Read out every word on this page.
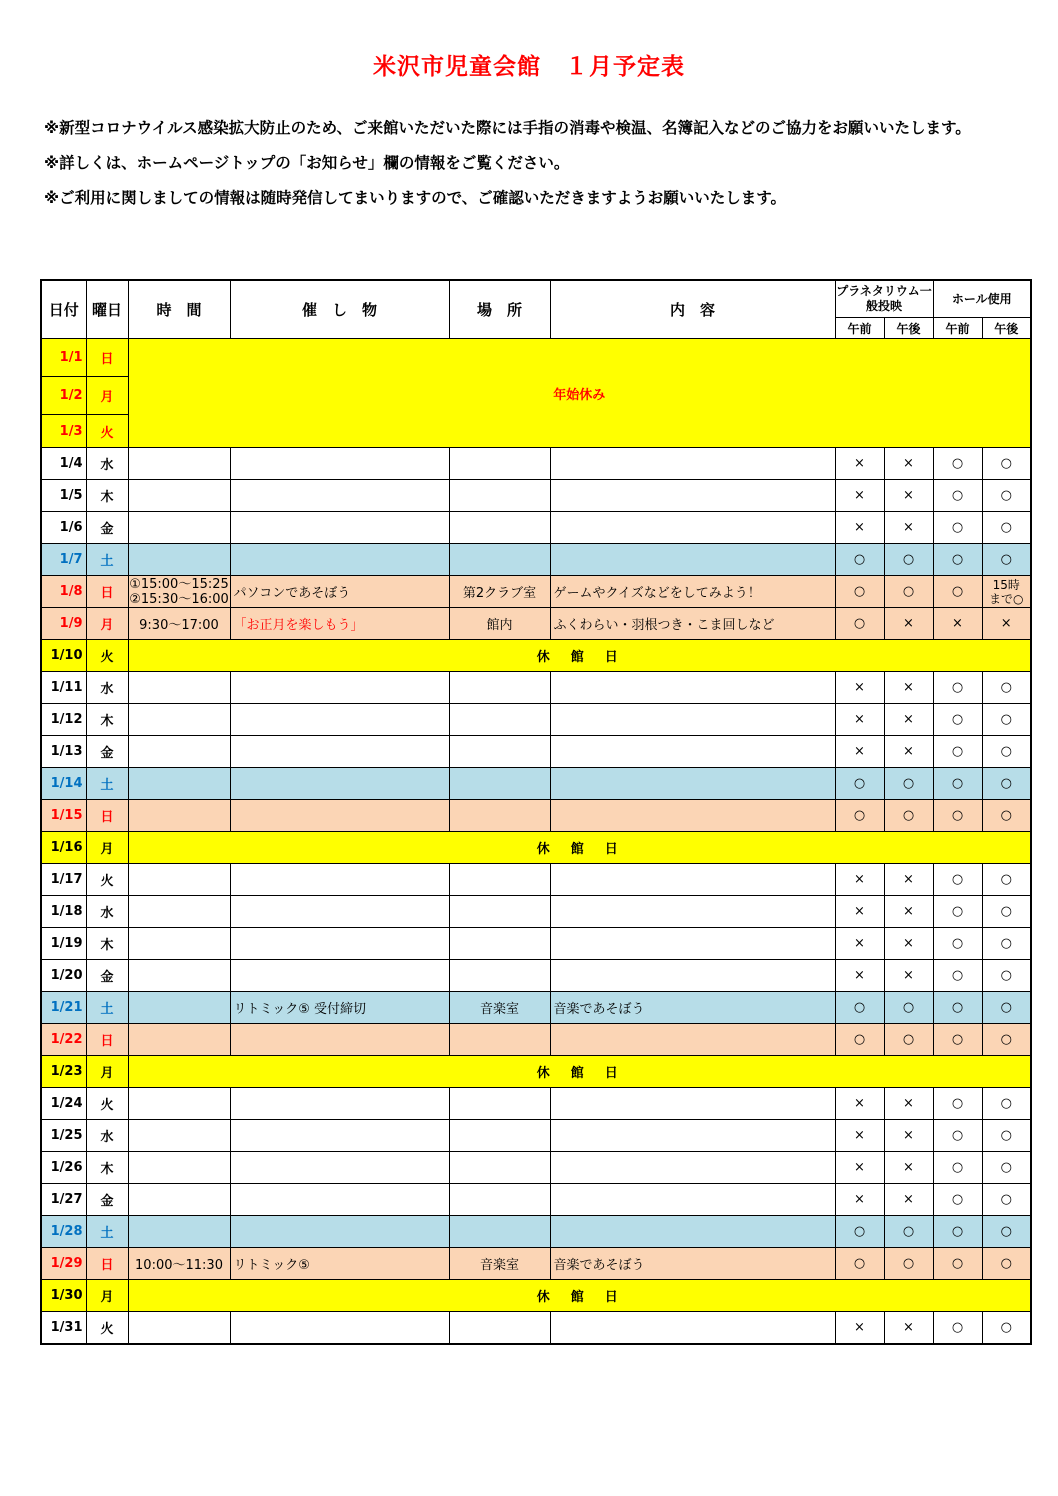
米沢市児童会館　１月予定表

※新型コロナウイルス感染拡大防止のため、ご来館いただいた際には手指の消毒や検温、名簿記入などのご協力をお願いいたします。

※詳しくは、ホームページトップの「お知らせ」欄の情報をご覧ください。

※ご利用に関しましての情報は随時発信してまいりますので、ご確認いただきますようお願いいたします。

日付	曜日	時　間	催　し　物	場　所	内　容	プラネタリウム一般投映		ホール使用	
						午前	午後	午前	午後
1/1	日	年始休み							
1/2	月								
1/3	火								
1/4	水					×	×	○	○
1/5	木					×	×	○	○
1/6	金					×	×	○	○
1/7	土					○	○	○	○
1/8	日	①15:00～15:25
②15:30～16:00	パソコンであそぼう	第2クラブ室	ゲームやクイズなどをしてみよう！	○	○	○	15時
まで○
1/9	月	9:30～17:00	「お正月を楽しもう」	館内	ふくわらい・羽根つき・こま回しなど	○	×	×	×
1/10	火	休　館　日							
1/11	水					×	×	○	○
1/12	木					×	×	○	○
1/13	金					×	×	○	○
1/14	土					○	○	○	○
1/15	日					○	○	○	○
1/16	月	休　館　日							
1/17	火					×	×	○	○
1/18	水					×	×	○	○
1/19	木					×	×	○	○
1/20	金					×	×	○	○
1/21	土		リトミック⑤ 受付締切	音楽室	音楽であそぼう	○	○	○	○
1/22	日					○	○	○	○
1/23	月	休　館　日							
1/24	火					×	×	○	○
1/25	水					×	×	○	○
1/26	木					×	×	○	○
1/27	金					×	×	○	○
1/28	土					○	○	○	○
1/29	日	10:00～11:30	リトミック⑤	音楽室	音楽であそぼう	○	○	○	○
1/30	月	休　館　日							
1/31	火					×	×	○	○
